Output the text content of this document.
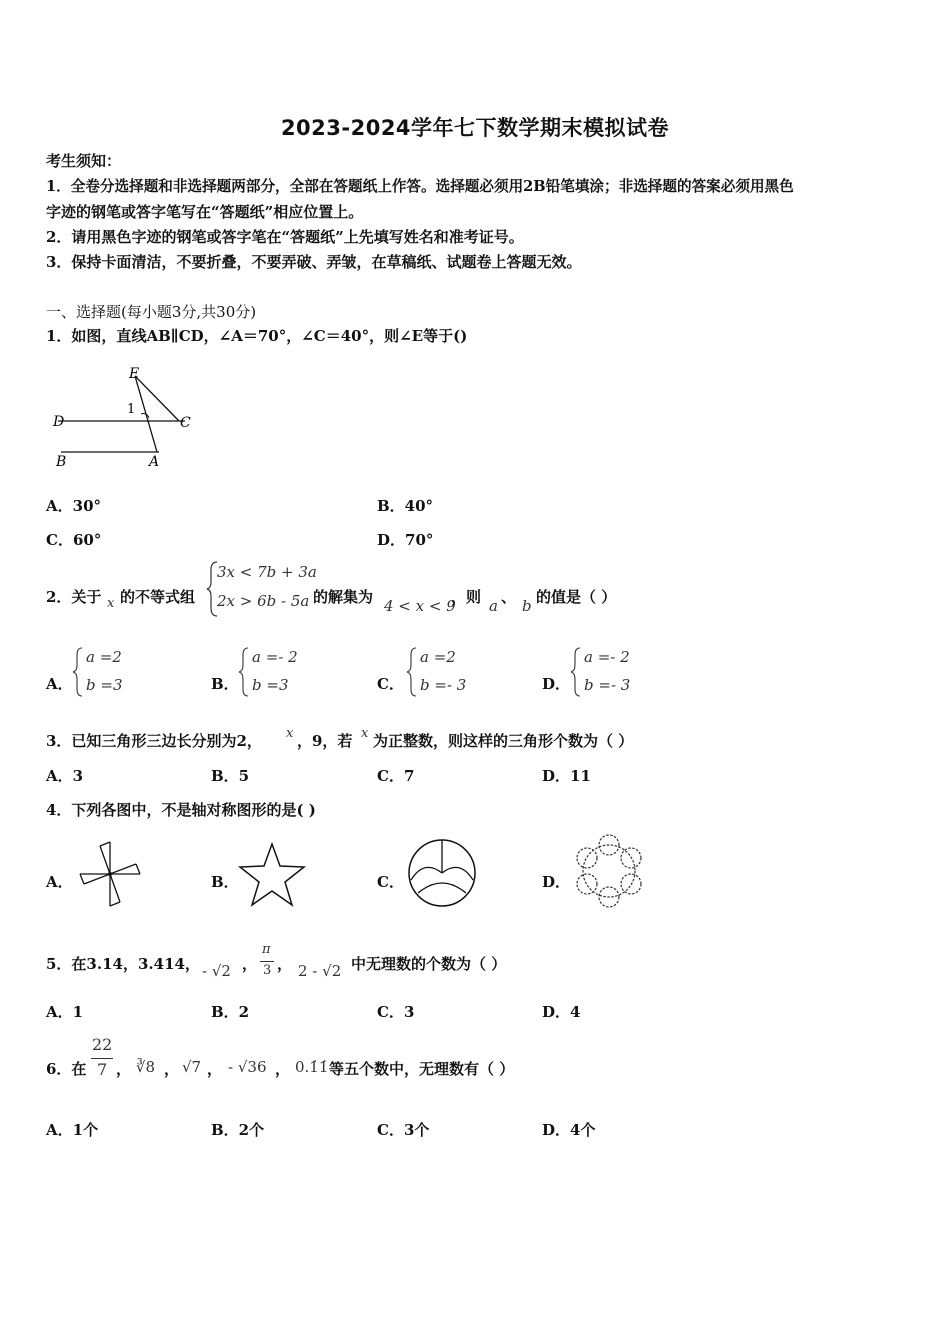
2023-2024学年七下数学期末模拟试卷
考生须知：
1．全卷分选择题和非选择题两部分，全部在答题纸上作答。选择题必须用2B铅笔填涂；非选择题的答案必须用黑色
字迹的钢笔或答字笔写在“答题纸”相应位置上。
2．请用黑色字迹的钢笔或答字笔在“答题纸”上先填写姓名和准考证号。
3．保持卡面清洁，不要折叠，不要弄破、弄皱，在草稿纸、试题卷上答题无效。
一、选择题(每小题3分,共30分)
1．如图，直线AB∥CD，∠A＝70°，∠C＝40°，则∠E等于()
E
D	C
B	A
1
A．30°	B．40°
C．60°	D．70°
2．关于 x 的不等式组
3x < 7b + 3a
2x > 6b - 5a 的解集为 4 < x < 9
，则 a 、 b 的值是（ ）
A．
a =2
b =3	B．
a =- 2
b =3	C．
a =2
b =- 3	D．
a =- 2
b =- 3
3．已知三角形三边长分别为2， x ，9，若 x 为正整数，则这样的三角形个数为（ ）
A．3	B．5	C．7	D．11
4．下列各图中，不是轴对称图形的是( )
A．	B．	C．	D．
5．在3.14，3.414， - √2 ，
π
3 ， 2 - √2 中无理数的个数为（ ）
A．1	B．2	C．3	D．4
6．在
22
7 ， ∛8 ， √7 ， - √36 ， 0.1̇1̇ 等五个数中，无理数有（ ）
A．1个	B．2个	C．3个	D．4个
